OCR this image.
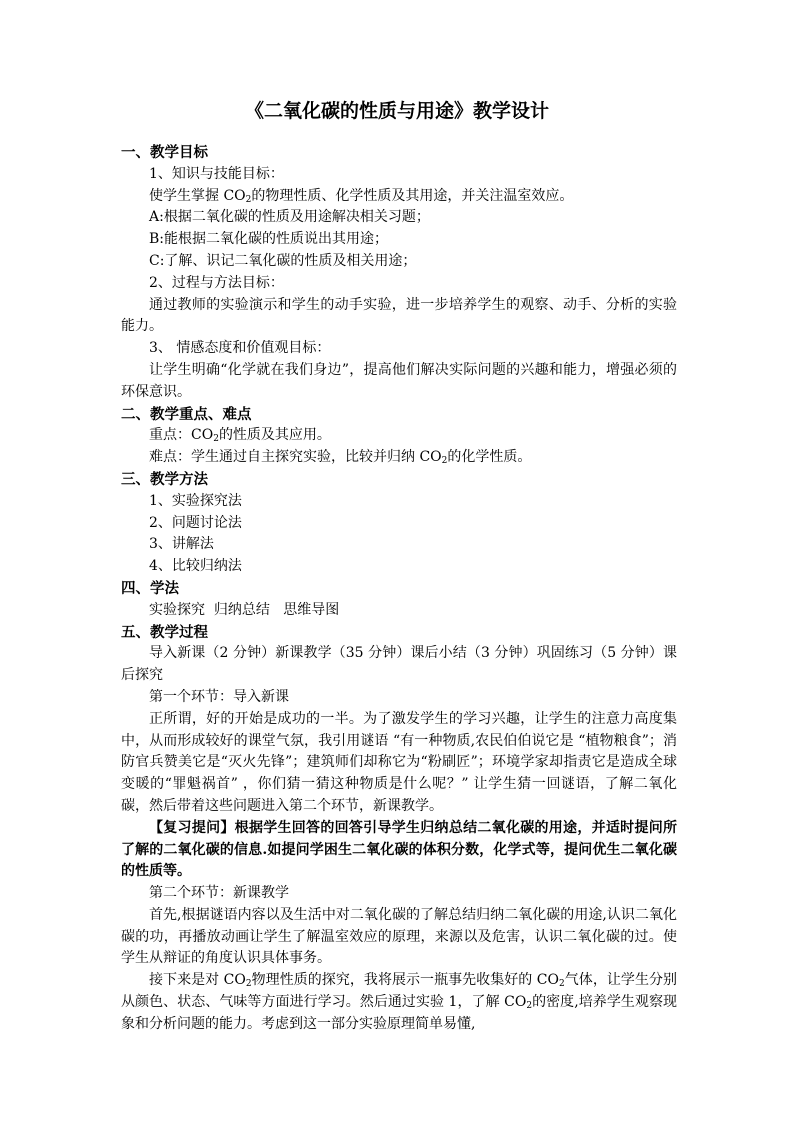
《二氧化碳的性质与用途》教学设计

一、教学目标

1、知识与技能目标：

使学生掌握 $CO_2$的物理性质、化学性质及其用途，并关注温室效应。

A:根据二氧化碳的性质及用途解决相关习题；

B:能根据二氧化碳的性质说出其用途；

C:了解、识记二氧化碳的性质及相关用途；

2、过程与方法目标：

通过教师的实验演示和学生的动手实验，进一步培养学生的观察、动手、分析的实验能力。

3、 情感态度和价值观目标：

让学生明确“化学就在我们身边”，提高他们解决实际问题的兴趣和能力，增强必须的环保意识。

二、教学重点、难点

重点：$CO_2$的性质及其应用。

难点：学生通过自主探究实验，比较并归纳 $CO_2$的化学性质。

三、教学方法

1、实验探究法

2、问题讨论法

3、讲解法

4、比较归纳法

四、学法

实验探究  归纳总结   思维导图

五、教学过程

导入新课（2 分钟）新课教学（35 分钟）课后小结（3 分钟）巩固练习（5 分钟）课后探究

第一个环节：导入新课

正所谓，好的开始是成功的一半。为了激发学生的学习兴趣，让学生的注意力高度集中，从而形成较好的课堂气氛，我引用谜语 “有一种物质,农民伯伯说它是 “植物粮食”；消防官兵赞美它是“灭火先锋”；建筑师们却称它为“粉刷匠”；环境学家却指责它是造成全球变暖的“罪魁祸首” ，你们猜一猜这种物质是什么呢？” 让学生猜一回谜语，了解二氧化碳，然后带着这些问题进入第二个环节，新课教学。

【复习提问】根据学生回答的回答引导学生归纳总结二氧化碳的用途，并适时提问所了解的二氧化碳的信息.如提问学困生二氧化碳的体积分数，化学式等，提问优生二氧化碳的性质等。

第二个环节：新课教学

首先,根据谜语内容以及生活中对二氧化碳的了解总结归纳二氧化碳的用途,认识二氧化碳的功，再播放动画让学生了解温室效应的原理，来源以及危害，认识二氧化碳的过。使学生从辩证的角度认识具体事务。

接下来是对 $CO_2$物理性质的探究，我将展示一瓶事先收集好的 $CO_2$气体，让学生分别从颜色、状态、气味等方面进行学习。然后通过实验 1，了解 $CO_2$的密度,培养学生观察现象和分析问题的能力。考虑到这一部分实验原理简单易懂,
